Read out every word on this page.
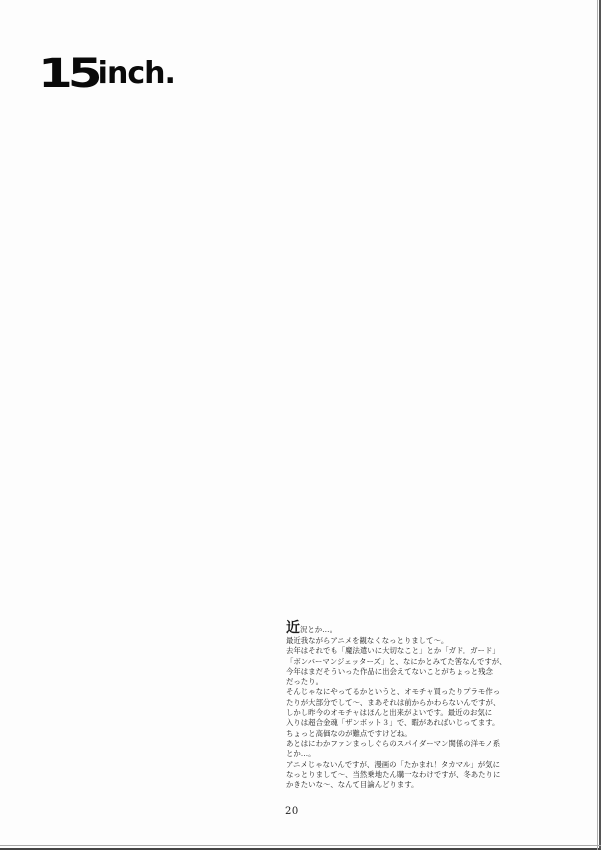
15inch.
近況とか…。
最近我ながらアニメを観なくなっとりまして〜。
去年はそれでも「魔法遣いに大切なこと」とか「ガド．ガード」
「ボンバーマンジェッターズ」と、なにかとみてた筈なんですが、
今年はまだそういった作品に出会えてないことがちょっと残念
だったり。
そんじゃなにやってるかというと、オモチャ買ったりプラモ作っ
たりが大部分でして〜、まあそれは前からかわらないんですが、
しかし昨今のオモチャはほんと出来がよいです。最近のお気に
入りは超合金魂「ザンボット３」で、暇があればいじってます。
ちょっと高価なのが難点ですけどね。
あとはにわかファンまっしぐらのスパイダーマン関係の洋モノ系
とか…。
アニメじゃないんですが、漫画の「たかまれ！タカマル」が気に
なっとりまして〜、当然乗地たん購一なわけですが、冬あたりに
かきたいな〜、なんて目論んどります。
20
